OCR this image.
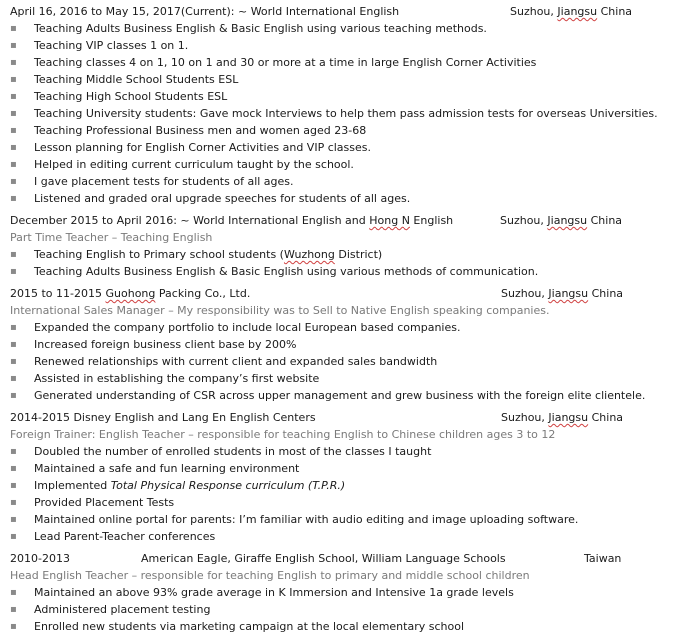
April 16, 2016 to May 15, 2017(Current): ~ World International English	Suzhou, Jiangsu China
▪ Teaching Adults Business English & Basic English using various teaching methods.
▪ Teaching VIP classes 1 on 1.
▪ Teaching classes 4 on 1, 10 on 1 and 30 or more at a time in large English Corner Activities
▪ Teaching Middle School Students ESL
▪ Teaching High School Students ESL
▪ Teaching University students: Gave mock Interviews to help them pass admission tests for overseas Universities.
▪ Teaching Professional Business men and women aged 23-68
▪ Lesson planning for English Corner Activities and VIP classes.
▪ Helped in editing current curriculum taught by the school.
▪ I gave placement tests for students of all ages.
▪ Listened and graded oral upgrade speeches for students of all ages.
December 2015 to April 2016: ~ World International English and Hong N English	Suzhou, Jiangsu China
Part Time Teacher – Teaching English
▪ Teaching English to Primary school students (Wuzhong District)
▪ Teaching Adults Business English & Basic English using various methods of communication.
2015 to 11-2015 Guohong Packing Co., Ltd.	Suzhou, Jiangsu China
International Sales Manager – My responsibility was to Sell to Native English speaking companies.
▪ Expanded the company portfolio to include local European based companies.
▪ Increased foreign business client base by 200%
▪ Renewed relationships with current client and expanded sales bandwidth
▪ Assisted in establishing the company’s first website
▪ Generated understanding of CSR across upper management and grew business with the foreign elite clientele.
2014-2015 Disney English and Lang En English Centers	Suzhou, Jiangsu China
Foreign Trainer: English Teacher – responsible for teaching English to Chinese children ages 3 to 12
▪ Doubled the number of enrolled students in most of the classes I taught
▪ Maintained a safe and fun learning environment
▪ Implemented Total Physical Response curriculum (T.P.R.)
▪ Provided Placement Tests
▪ Maintained online portal for parents: I’m familiar with audio editing and image uploading software.
▪ Lead Parent-Teacher conferences
2010-2013	American Eagle, Giraffe English School, William Language Schools	Taiwan
Head English Teacher – responsible for teaching English to primary and middle school children
▪ Maintained an above 93% grade average in K Immersion and Intensive 1a grade levels
▪ Administered placement testing
▪ Enrolled new students via marketing campaign at the local elementary school
